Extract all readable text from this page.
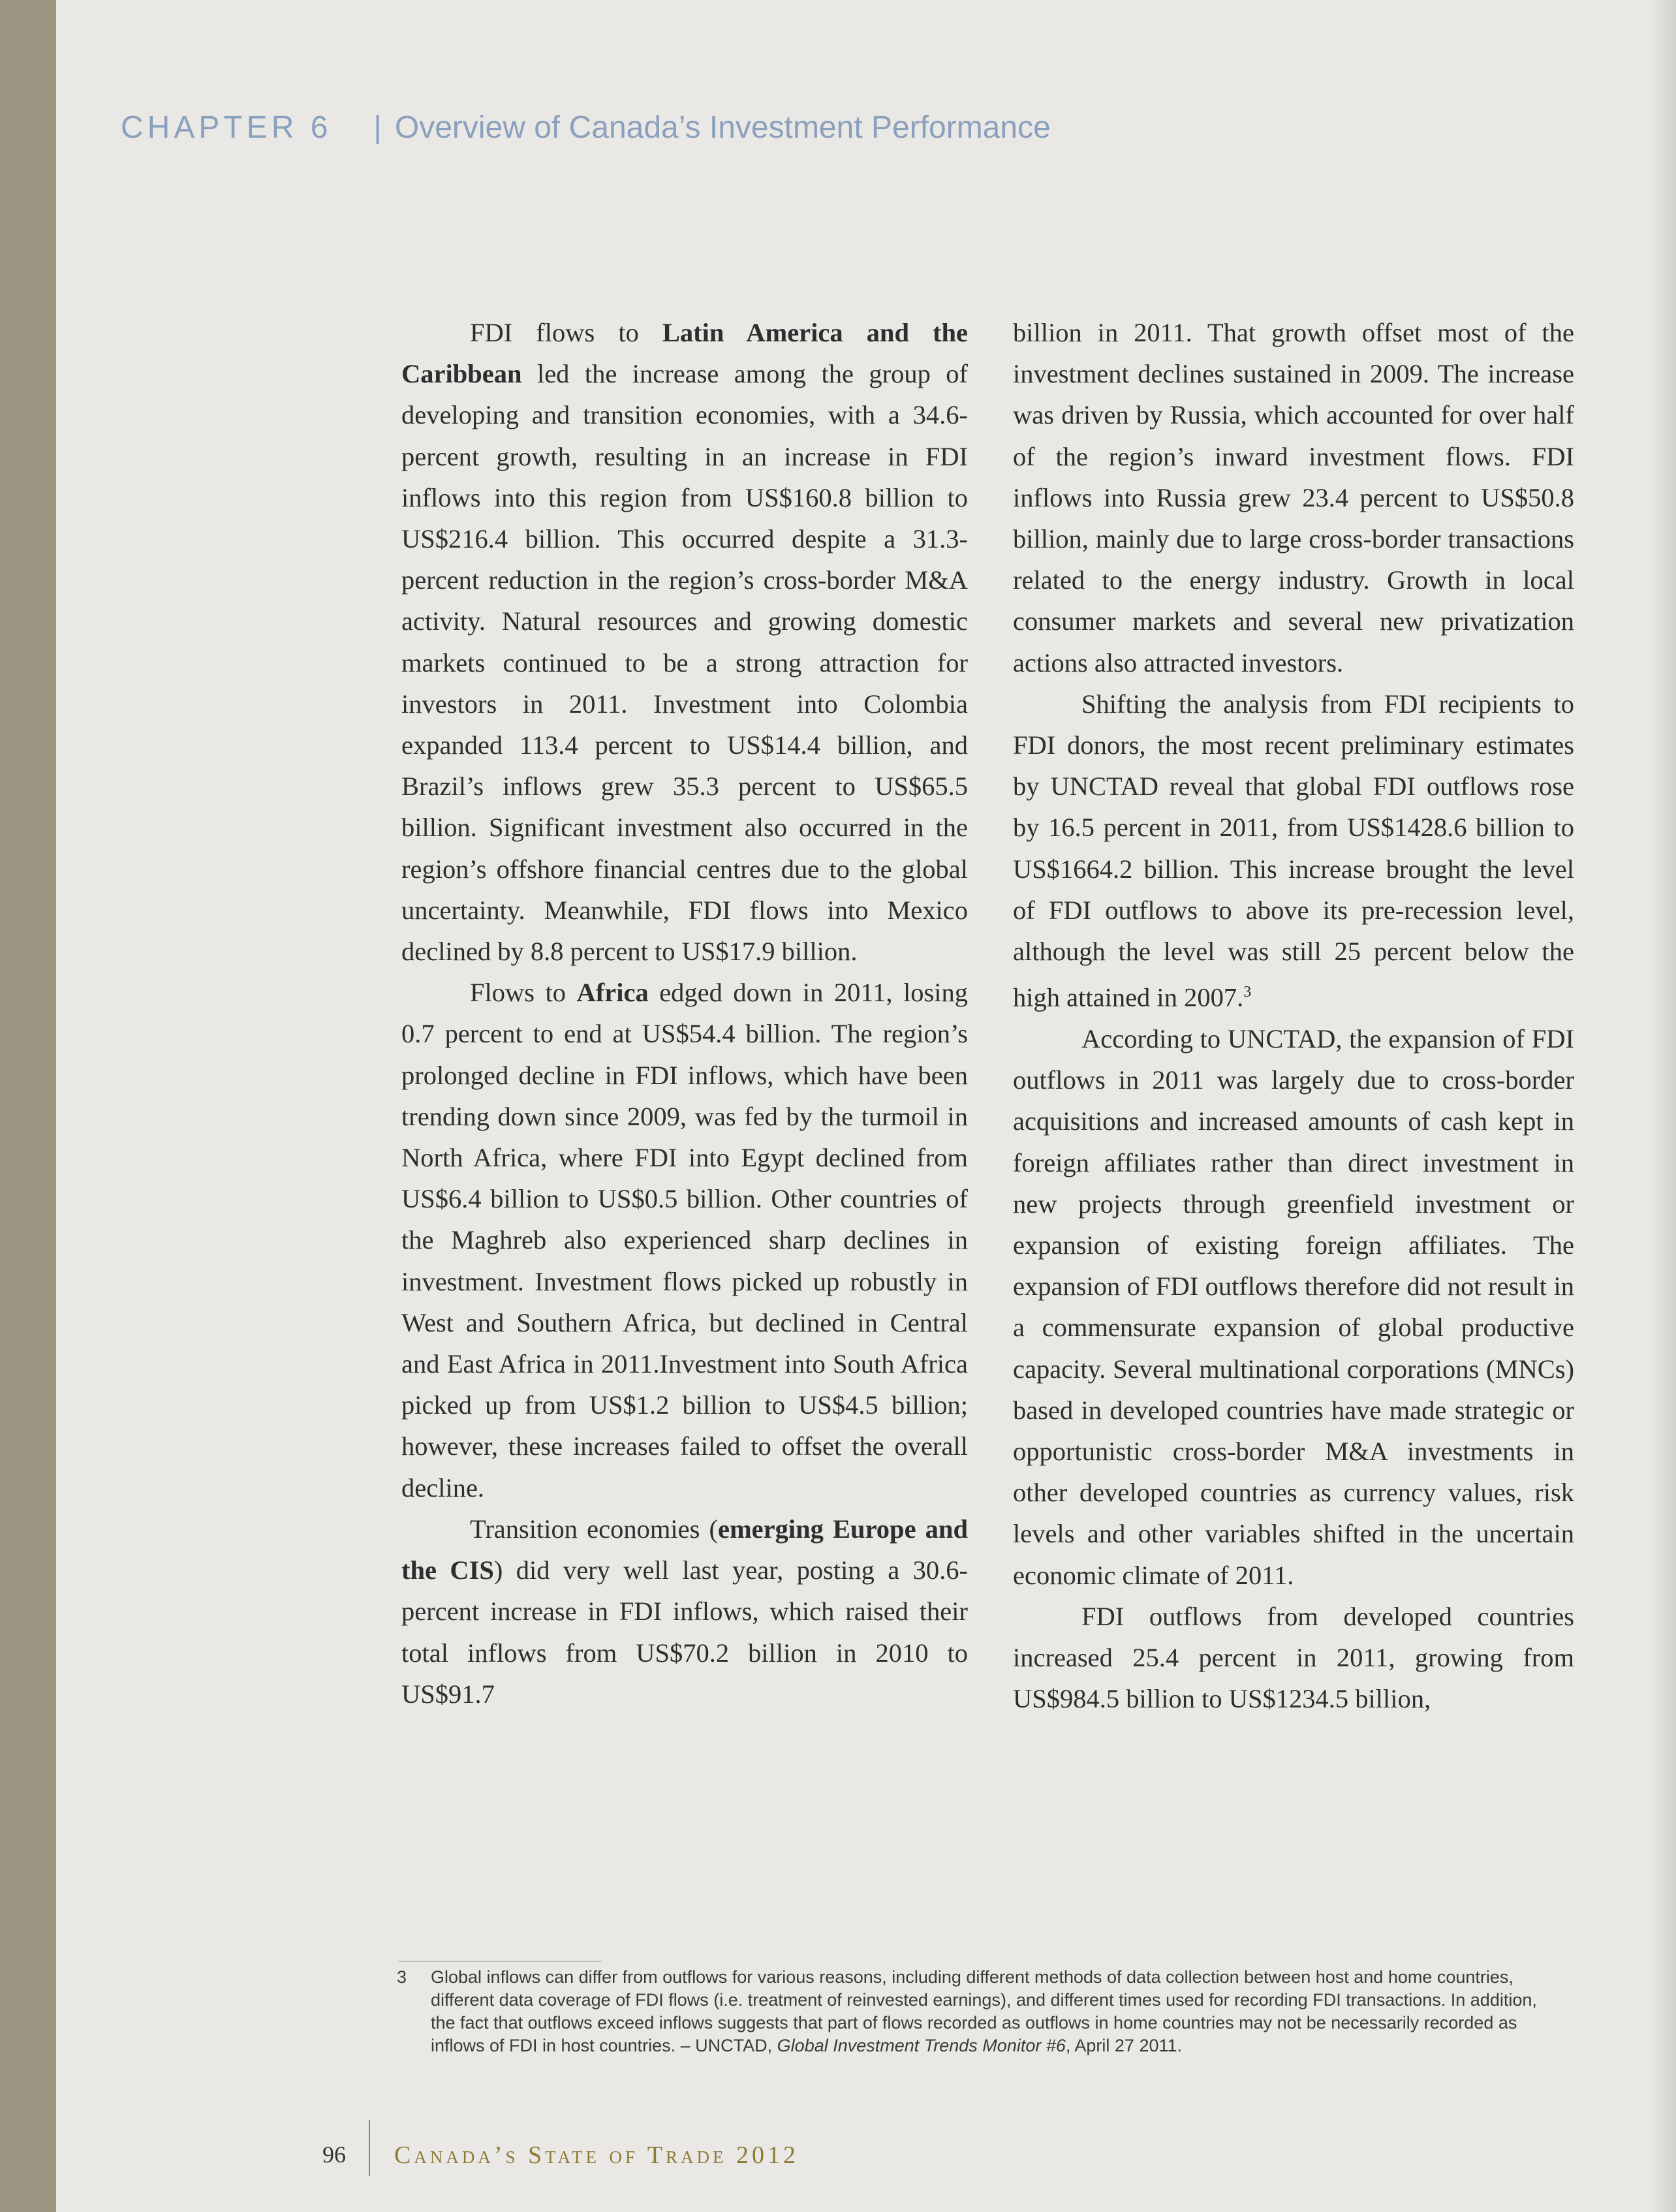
CHAPTER 6 | Overview of Canada’s Investment Performance

FDI flows to Latin America and the Caribbean led the increase among the group of developing and transition economies, with a 34.6-percent growth, resulting in an increase in FDI inflows into this region from US$160.8 billion to US$216.4 billion. This occurred despite a 31.3-percent reduction in the region’s cross-border M&A activity. Natural resources and growing domestic markets continued to be a strong attraction for investors in 2011. Investment into Colombia expanded 113.4 percent to US$14.4 billion, and Brazil’s inflows grew 35.3 percent to US$65.5 billion. Significant investment also occurred in the region’s offshore financial centres due to the global uncertainty. Meanwhile, FDI flows into Mexico declined by 8.8 percent to US$17.9 billion.

Flows to Africa edged down in 2011, losing 0.7 percent to end at US$54.4 billion. The region’s prolonged decline in FDI inflows, which have been trending down since 2009, was fed by the turmoil in North Africa, where FDI into Egypt declined from US$6.4 billion to US$0.5 billion. Other countries of the Maghreb also experienced sharp declines in investment. Investment flows picked up robustly in West and Southern Africa, but declined in Central and East Africa in 2011.Investment into South Africa picked up from US$1.2 billion to US$4.5 billion; however, these increases failed to offset the overall decline.

Transition economies (emerging Europe and the CIS) did very well last year, posting a 30.6-percent increase in FDI inflows, which raised their total inflows from US$70.2 billion in 2010 to US$91.7

billion in 2011. That growth offset most of the investment declines sustained in 2009. The increase was driven by Russia, which accounted for over half of the region’s inward investment flows. FDI inflows into Russia grew 23.4 percent to US$50.8 billion, mainly due to large cross-border transactions related to the energy industry. Growth in local consumer markets and several new privatization actions also attracted investors.

Shifting the analysis from FDI recipients to FDI donors, the most recent preliminary estimates by UNCTAD reveal that global FDI outflows rose by 16.5 percent in 2011, from US$1428.6 billion to US$1664.2 billion. This increase brought the level of FDI outflows to above its pre-recession level, although the level was still 25 percent below the high attained in 2007.$^3$

According to UNCTAD, the expansion of FDI outflows in 2011 was largely due to cross-border acquisitions and increased amounts of cash kept in foreign affiliates rather than direct investment in new projects through greenfield investment or expansion of existing foreign affiliates. The expansion of FDI outflows therefore did not result in a commensurate expansion of global productive capacity. Several multinational corporations (MNCs) based in developed countries have made strategic or opportunistic cross-border M&A investments in other developed countries as currency values, risk levels and other variables shifted in the uncertain economic climate of 2011.

FDI outflows from developed countries increased 25.4 percent in 2011, growing from US$984.5 billion to US$1234.5 billion,

3 Global inflows can differ from outflows for various reasons, including different methods of data collection between host and home countries, different data coverage of FDI flows (i.e. treatment of reinvested earnings), and different times used for recording FDI transactions. In addition, the fact that outflows exceed inflows suggests that part of flows recorded as outflows in home countries may not be necessarily recorded as inflows of FDI in host countries. – UNCTAD, Global Investment Trends Monitor #6, April 27 2011.
96 Canada’s State of Trade 2012
